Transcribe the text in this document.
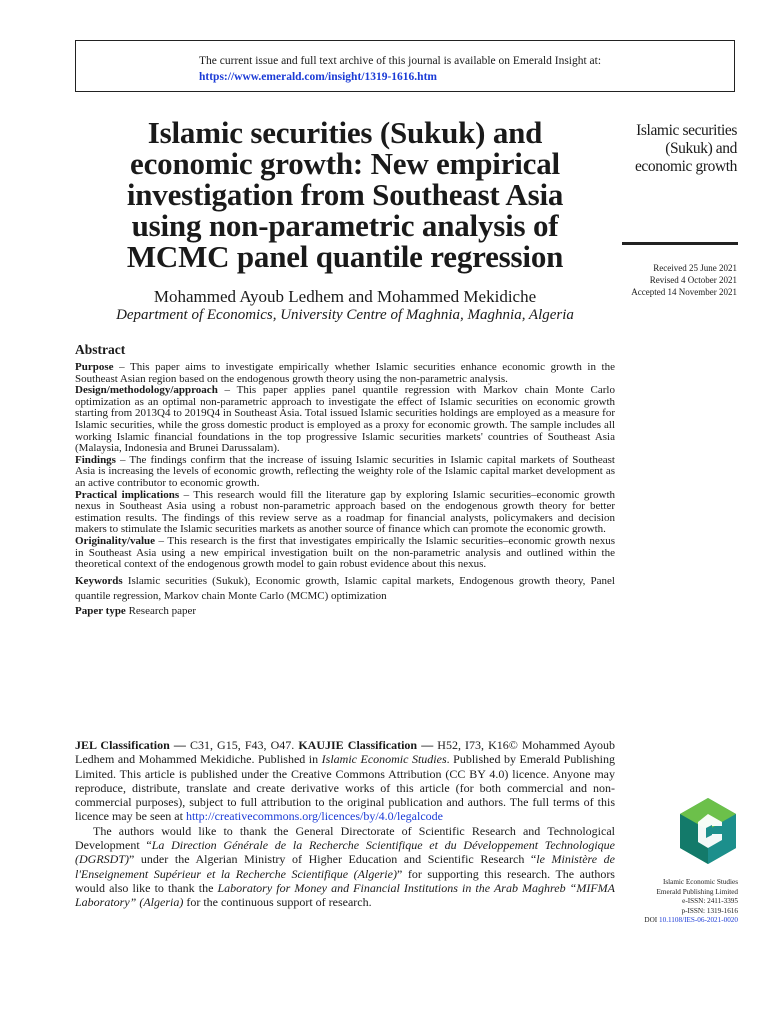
The current issue and full text archive of this journal is available on Emerald Insight at:
https://www.emerald.com/insight/1319-1616.htm
Islamic securities (Sukuk) and
economic growth: New empirical
investigation from Southeast Asia
using non-parametric analysis of
MCMC panel quantile regression
Mohammed Ayoub Ledhem and Mohammed Mekidiche
Department of Economics, University Centre of Maghnia, Maghnia, Algeria
Islamic securities
(Sukuk) and
economic growth
Received 25 June 2021
Revised 4 October 2021
Accepted 14 November 2021
Abstract

Purpose – This paper aims to investigate empirically whether Islamic securities enhance economic growth in the Southeast Asian region based on the endogenous growth theory using the non-parametric analysis.

Design/methodology/approach – This paper applies panel quantile regression with Markov chain Monte Carlo optimization as an optimal non-parametric approach to investigate the effect of Islamic securities on economic growth starting from 2013Q4 to 2019Q4 in Southeast Asia. Total issued Islamic securities holdings are employed as a measure for Islamic securities, while the gross domestic product is employed as a proxy for economic growth. The sample includes all working Islamic financial foundations in the top progressive Islamic securities markets' countries of Southeast Asia (Malaysia, Indonesia and Brunei Darussalam).

Findings – The findings confirm that the increase of issuing Islamic securities in Islamic capital markets of Southeast Asia is increasing the levels of economic growth, reflecting the weighty role of the Islamic capital market development as an active contributor to economic growth.

Practical implications – This research would fill the literature gap by exploring Islamic securities–economic growth nexus in Southeast Asia using a robust non-parametric approach based on the endogenous growth theory for better estimation results. The findings of this review serve as a roadmap for financial analysts, policymakers and decision makers to stimulate the Islamic securities markets as another source of finance which can promote the economic growth.

Originality/value – This research is the first that investigates empirically the Islamic securities–economic growth nexus in Southeast Asia using a new empirical investigation built on the non-parametric analysis and outlined within the theoretical context of the endogenous growth model to gain robust evidence about this nexus.

Keywords Islamic securities (Sukuk), Economic growth, Islamic capital markets, Endogenous growth theory, Panel quantile regression, Markov chain Monte Carlo (MCMC) optimization

Paper type Research paper

JEL Classification — C31, G15, F43, O47. KAUJIE Classification — H52, I73, K16© Mohammed Ayoub Ledhem and Mohammed Mekidiche. Published in Islamic Economic Studies. Published by Emerald Publishing Limited. This article is published under the Creative Commons Attribution (CC BY 4.0) licence. Anyone may reproduce, distribute, translate and create derivative works of this article (for both commercial and non-commercial purposes), subject to full attribution to the original publication and authors. The full terms of this licence may be seen at http://creativecommons.org/licences/by/4.0/legalcode

The authors would like to thank the General Directorate of Scientific Research and Technological Development “La Direction Générale de la Recherche Scientifique et du Développement Technologique (DGRSDT)” under the Algerian Ministry of Higher Education and Scientific Research “le Ministère de l'Enseignement Supérieur et la Recherche Scientifique (Algerie)” for supporting this research. The authors would also like to thank the Laboratory for Money and Financial Institutions in the Arab Maghreb “MIFMA Laboratory” (Algeria) for the continuous support of research.

Islamic Economic Studies
Emerald Publishing Limited
e-ISSN: 2411-3395
p-ISSN: 1319-1616
DOI 10.1108/IES-06-2021-0020
